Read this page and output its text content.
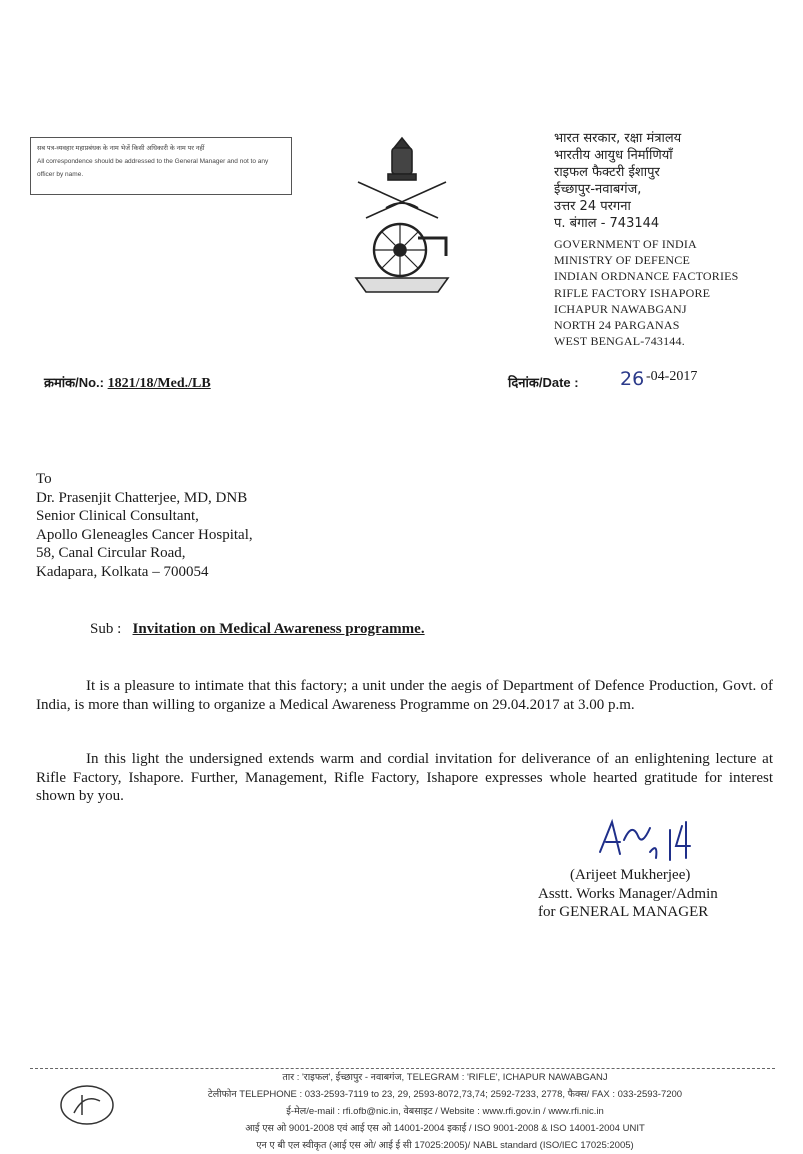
सब पत्र-व्यवहार महाप्रबंधक के नाम भेजें किसी अधिकारी के नाम पर नहीं
All correspondence should be addressed to the General Manager and not to any officer by name.
भारत सरकार, रक्षा मंत्रालय
भारतीय आयुध निर्माणियाँ
राइफल फैक्टरी ईशापुर
ईच्छापुर-नवाबगंज,
उत्तर 24 परगना
प. बंगाल - 743144
GOVERNMENT OF INDIA
MINISTRY OF DEFENCE
INDIAN ORDNANCE FACTORIES
RIFLE FACTORY ISHAPORE
ICHAPUR NAWABGANJ
NORTH 24 PARGANAS
WEST BENGAL-743144.
क्रमांक/No.: 1821/18/Med./LB	दिनांक/Date : 26 -04-2017
To
Dr. Prasenjit Chatterjee, MD, DNB
Senior Clinical Consultant,
Apollo Gleneagles Cancer Hospital,
58, Canal Circular Road,
Kadapara, Kolkata – 700054
Sub : Invitation on Medical Awareness programme.
It is a pleasure to intimate that this factory; a unit under the aegis of Department of Defence Production, Govt. of India, is more than willing to organize a Medical Awareness Programme on 29.04.2017 at 3.00 p.m.
In this light the undersigned extends warm and cordial invitation for deliverance of an enlightening lecture at Rifle Factory, Ishapore. Further, Management, Rifle Factory, Ishapore expresses whole hearted gratitude for interest shown by you.
(Arijeet Mukherjee)
Asstt. Works Manager/Admin
for GENERAL MANAGER
तार : 'राइफल', ईच्छापुर - नवाबगंज, TELEGRAM : 'RIFLE', ICHAPUR NAWABGANJ
टेलीफोन TELEPHONE : 033-2593-7119 to 23, 29, 2593-8072,73,74; 2592-7233, 2778, फैक्स/ FAX : 033-2593-7200
ई-मेल/e-mail : rfi.ofb@nic.in, वेबसाइट / Website : www.rfi.gov.in / www.rfi.nic.in
आई एस ओ 9001-2008 एवं आई एस ओ 14001-2004 इकाई / ISO 9001-2008 & ISO 14001-2004 UNIT
एन ए बी एल स्वीकृत (आई एस ओ/ आई ई सी 17025:2005)/ NABL standard (ISO/IEC 17025:2005)
